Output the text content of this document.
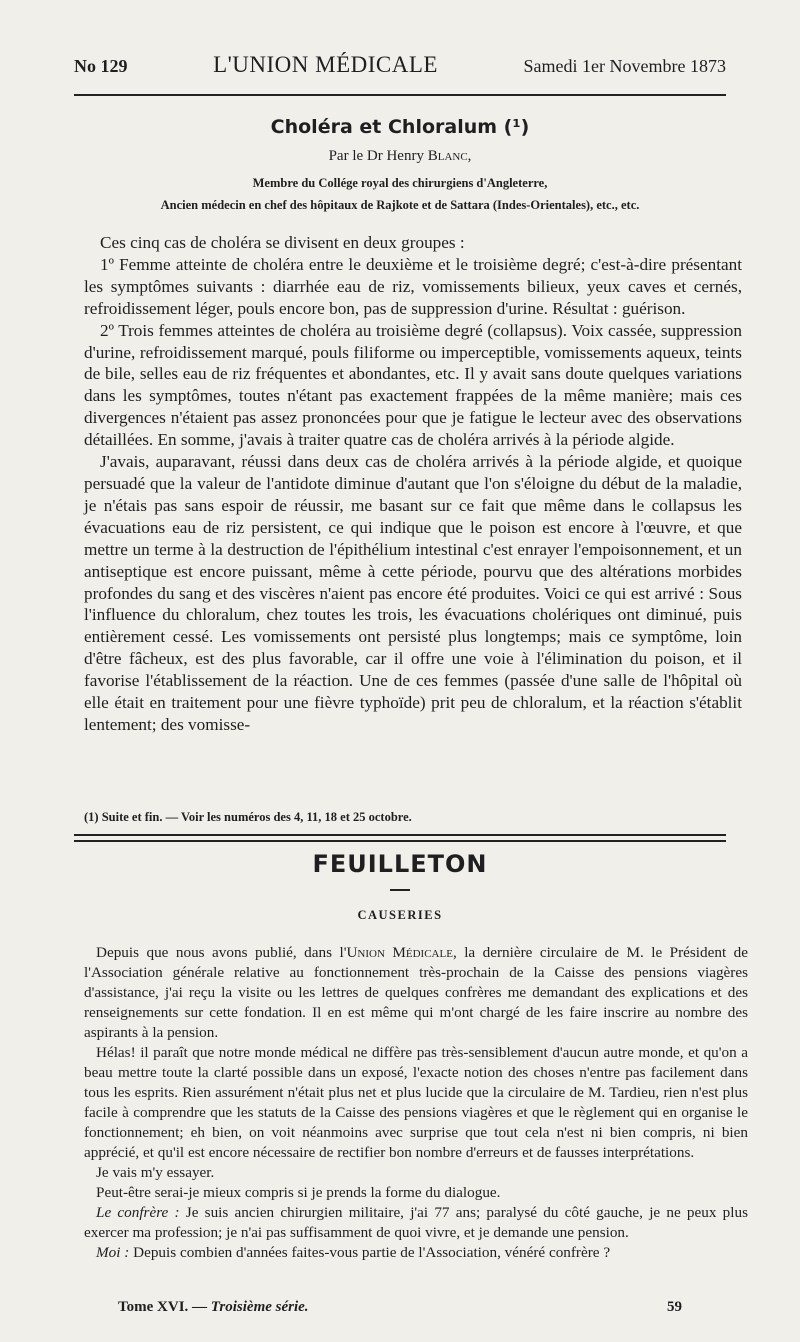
No 129	L'UNION MÉDICALE	Samedi 1er Novembre 1873
Choléra et Chloralum (¹)
Par le Dr Henry Blanc,
Membre du Collége royal des chirurgiens d'Angleterre,
Ancien médecin en chef des hôpitaux de Rajkote et de Sattara (Indes-Orientales), etc., etc.

Ces cinq cas de choléra se divisent en deux groupes :

1º Femme atteinte de choléra entre le deuxième et le troisième degré; c'est-à-dire présentant les symptômes suivants : diarrhée eau de riz, vomissements bilieux, yeux caves et cernés, refroidissement léger, pouls encore bon, pas de suppression d'urine. Résultat : guérison.

2º Trois femmes atteintes de choléra au troisième degré (collapsus). Voix cassée, suppression d'urine, refroidissement marqué, pouls filiforme ou imperceptible, vomissements aqueux, teints de bile, selles eau de riz fréquentes et abondantes, etc. Il y avait sans doute quelques variations dans les symptômes, toutes n'étant pas exactement frappées de la même manière; mais ces divergences n'étaient pas assez prononcées pour que je fatigue le lecteur avec des observations détaillées. En somme, j'avais à traiter quatre cas de choléra arrivés à la période algide.

J'avais, auparavant, réussi dans deux cas de choléra arrivés à la période algide, et quoique persuadé que la valeur de l'antidote diminue d'autant que l'on s'éloigne du début de la maladie, je n'étais pas sans espoir de réussir, me basant sur ce fait que même dans le collapsus les évacuations eau de riz persistent, ce qui indique que le poison est encore à l'œuvre, et que mettre un terme à la destruction de l'épithélium intestinal c'est enrayer l'empoisonnement, et un antiseptique est encore puissant, même à cette période, pourvu que des altérations morbides profondes du sang et des viscères n'aient pas encore été produites. Voici ce qui est arrivé : Sous l'influence du chloralum, chez toutes les trois, les évacuations cholériques ont diminué, puis entièrement cessé. Les vomissements ont persisté plus longtemps; mais ce symptôme, loin d'être fâcheux, est des plus favorable, car il offre une voie à l'élimination du poison, et il favorise l'établissement de la réaction. Une de ces femmes (passée d'une salle de l'hôpital où elle était en traitement pour une fièvre typhoïde) prit peu de chloralum, et la réaction s'établit lentement; des vomisse-

(1) Suite et fin. — Voir les numéros des 4, 11, 18 et 25 octobre.
FEUILLETON
CAUSERIES

Depuis que nous avons publié, dans l'Union Médicale, la dernière circulaire de M. le Président de l'Association générale relative au fonctionnement très-prochain de la Caisse des pensions viagères d'assistance, j'ai reçu la visite ou les lettres de quelques confrères me demandant des explications et des renseignements sur cette fondation. Il en est même qui m'ont chargé de les faire inscrire au nombre des aspirants à la pension.

Hélas! il paraît que notre monde médical ne diffère pas très-sensiblement d'aucun autre monde, et qu'on a beau mettre toute la clarté possible dans un exposé, l'exacte notion des choses n'entre pas facilement dans tous les esprits. Rien assurément n'était plus net et plus lucide que la circulaire de M. Tardieu, rien n'est plus facile à comprendre que les statuts de la Caisse des pensions viagères et que le règlement qui en organise le fonctionnement; eh bien, on voit néanmoins avec surprise que tout cela n'est ni bien compris, ni bien apprécié, et qu'il est encore nécessaire de rectifier bon nombre d'erreurs et de fausses interprétations.

Je vais m'y essayer.

Peut-être serai-je mieux compris si je prends la forme du dialogue.

Le confrère : Je suis ancien chirurgien militaire, j'ai 77 ans; paralysé du côté gauche, je ne peux plus exercer ma profession; je n'ai pas suffisamment de quoi vivre, et je demande une pension.

Moi : Depuis combien d'années faites-vous partie de l'Association, vénéré confrère ?

Tome XVI. — Troisième série.	59
